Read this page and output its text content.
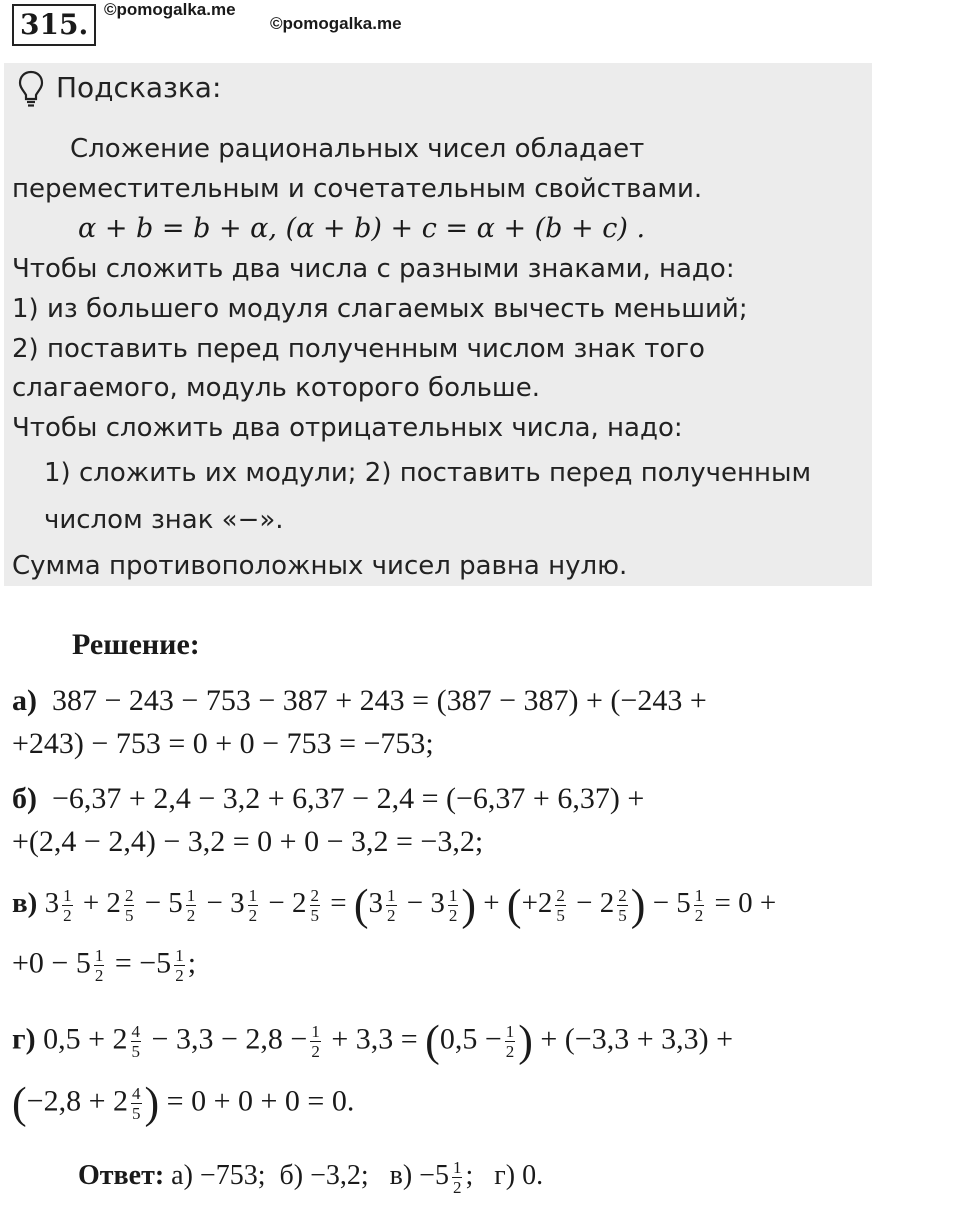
315. ©pomogalka.me
©pomogalka.me
Подсказка:
Сложение рациональных чисел обладает
переместительным и сочетательным свойствами.
𝛼 + 𝑏 = 𝑏 + 𝛼, (𝛼 + 𝑏) + c = 𝛼 + (𝑏 + c) .
Чтобы сложить два числа с разными знаками, надо:
1) из большего модуля слагаемых вычесть меньший;
2) поставить перед полученным числом знак того
слагаемого, модуль которого больше.
Чтобы сложить два отрицательных числа, надо:
1) сложить их модули; 2) поставить перед полученным
числом знак «−».
Сумма противоположных чисел равна нулю.
Решение:
а) 387 − 243 − 753 − 387 + 243 = (387 − 387) + (−243 +
+243) − 753 = 0 + 0 − 753 = −753;
б) −6,37 + 2,4 − 3,2 + 6,37 − 2,4 = (−6,37 + 6,37) +
+(2,4 − 2,4) − 3,2 = 0 + 0 − 3,2 = −3,2;
в) $3 \frac{1}{2} + 2 \frac{2}{5} - 5 \frac{1}{2} - 3 \frac{1}{2} - 2 \frac{2}{5} = (3 \frac{1}{2} - 3 \frac{1}{2}$ ) + ($+2 \frac{2}{5} - 2 \frac{2}{5}$ ) − $5 \frac{1}{2} = 0$ +
$+0 - 5 \frac{1}{2} = -5 \frac{1}{2}$ ;
г) $0,5 + 2 \frac{4}{5} - 3,3 - 2,8 - \frac{1}{2} + 3,3 = (0,5 - \frac{1}{2}$ ) + (−3,3 + 3,3) +
($-2,8 + 2 \frac{4}{5}$ ) = 0 + 0 + 0 = 0.
Ответ: а) −753; б) −3,2; $в) -5 \frac{1}{2}$ ; г) 0.
